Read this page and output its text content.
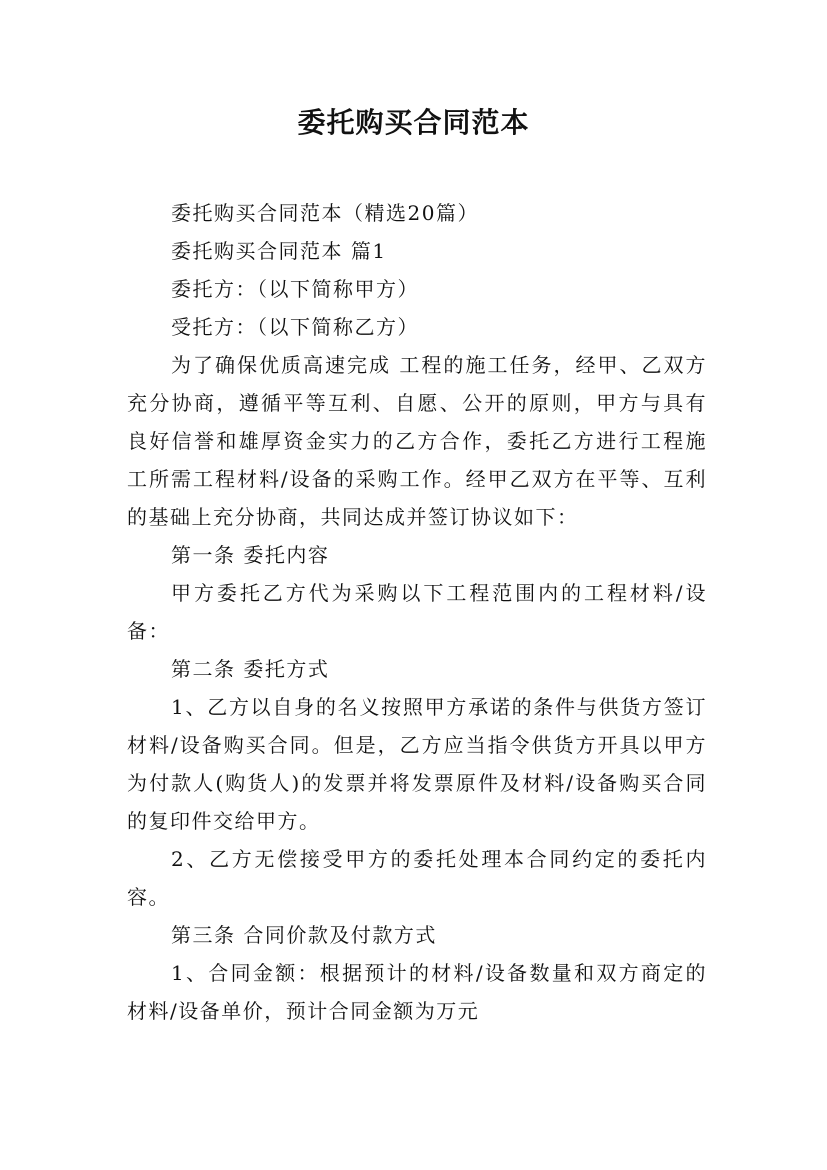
委托购买合同范本

委托购买合同范本（精选20篇）

委托购买合同范本 篇1

委托方：（以下简称甲方）

受托方：（以下简称乙方）

为了确保优质高速完成 工程的施工任务，经甲、乙双方充分协商，遵循平等互利、自愿、公开的原则，甲方与具有良好信誉和雄厚资金实力的乙方合作，委托乙方进行工程施工所需工程材料/设备的采购工作。经甲乙双方在平等、互利的基础上充分协商，共同达成并签订协议如下：

第一条 委托内容

甲方委托乙方代为采购以下工程范围内的工程材料/设备：

第二条 委托方式

1、乙方以自身的名义按照甲方承诺的条件与供货方签订材料/设备购买合同。但是，乙方应当指令供货方开具以甲方为付款人(购货人)的发票并将发票原件及材料/设备购买合同的复印件交给甲方。

2、乙方无偿接受甲方的委托处理本合同约定的委托内容。

第三条 合同价款及付款方式

1、合同金额：根据预计的材料/设备数量和双方商定的材料/设备单价，预计合同金额为万元
